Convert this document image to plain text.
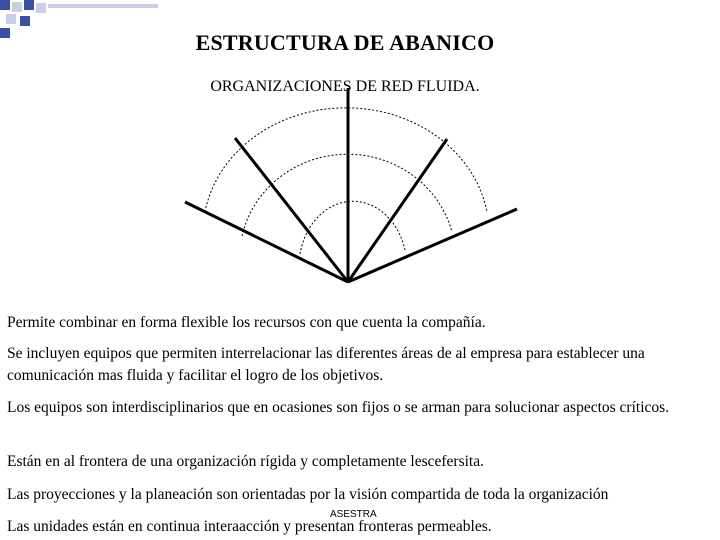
ESTRUCTURA DE ABANICO
ORGANIZACIONES DE RED FLUIDA.
Permite combinar en forma flexible los recursos con que cuenta la compañía.
Se incluyen equipos que permiten interrelacionar las diferentes áreas de al empresa para establecer una comunicación mas fluida y facilitar el logro de los objetivos.
Los equipos son interdisciplinarios que en ocasiones son fijos o se arman para solucionar aspectos críticos.
Están en al frontera de una organización rígida y completamente lescefersita.
Las proyecciones y la planeación son orientadas por la visión compartida de toda la organización
Las unidades están en continua interaacción y presentan fronteras permeables.
ASESTRA
